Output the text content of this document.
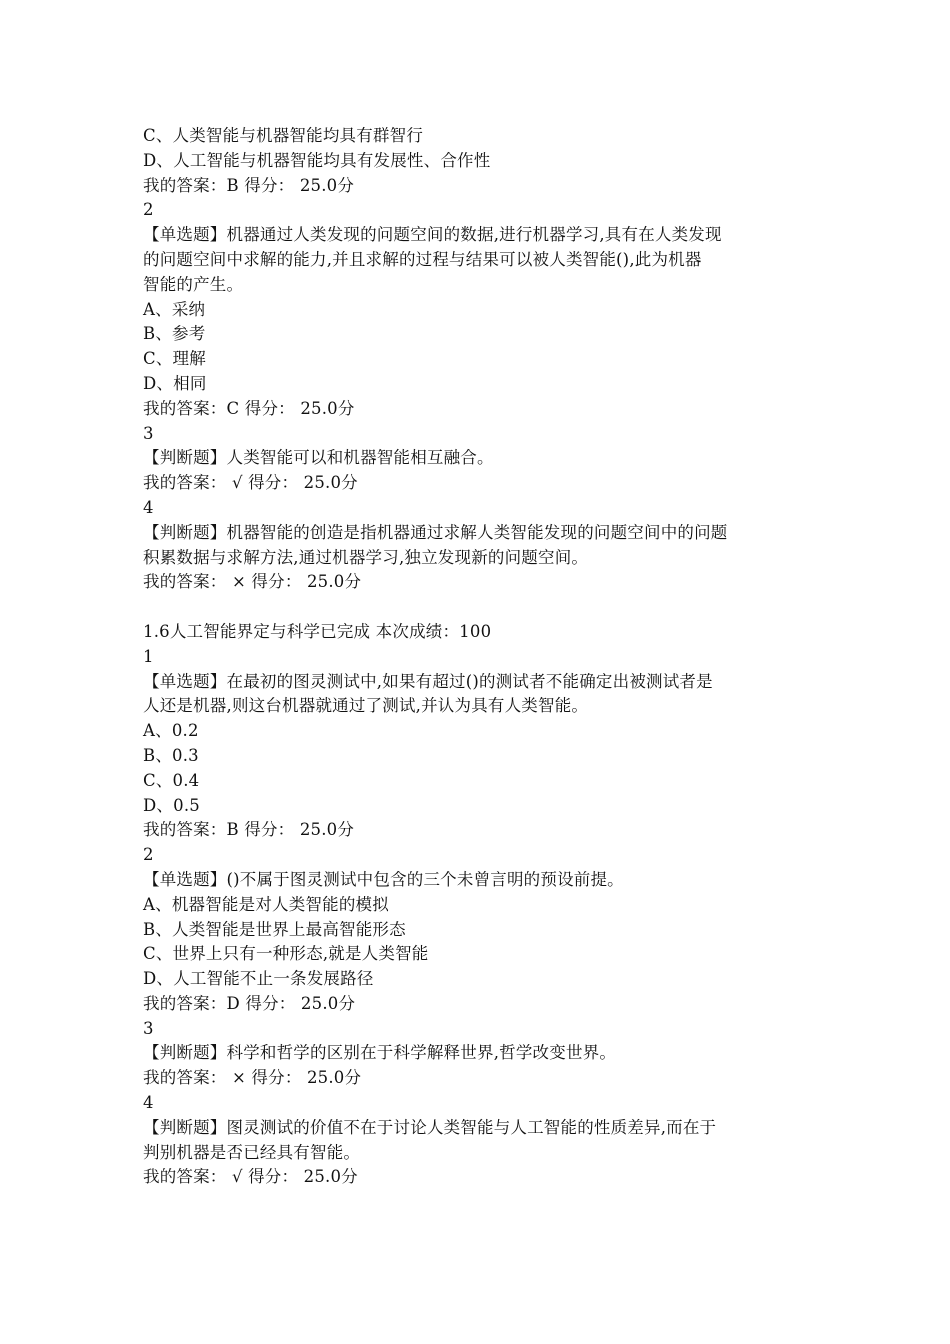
C、人类智能与机器智能均具有群智行
D、人工智能与机器智能均具有发展性、合作性
我的答案：B 得分： 25.0分
2
【单选题】机器通过人类发现的问题空间的数据,进行机器学习,具有在人类发现
的问题空间中求解的能力,并且求解的过程与结果可以被人类智能(),此为机器
智能的产生。
A、采纳
B、参考
C、理解
D、相同
我的答案：C 得分： 25.0分
3
【判断题】人类智能可以和机器智能相互融合。
我的答案： √ 得分： 25.0分
4
【判断题】机器智能的创造是指机器通过求解人类智能发现的问题空间中的问题
积累数据与求解方法,通过机器学习,独立发现新的问题空间。
我的答案： × 得分： 25.0分
1.6人工智能界定与科学已完成 本次成绩：100
1
【单选题】在最初的图灵测试中,如果有超过()的测试者不能确定出被测试者是
人还是机器,则这台机器就通过了测试,并认为具有人类智能。
A、0.2
B、0.3
C、0.4
D、0.5
我的答案：B 得分： 25.0分
2
【单选题】()不属于图灵测试中包含的三个未曾言明的预设前提。
A、机器智能是对人类智能的模拟
B、人类智能是世界上最高智能形态
C、世界上只有一种形态,就是人类智能
D、人工智能不止一条发展路径
我的答案：D 得分： 25.0分
3
【判断题】科学和哲学的区别在于科学解释世界,哲学改变世界。
我的答案： × 得分： 25.0分
4
【判断题】图灵测试的价值不在于讨论人类智能与人工智能的性质差异,而在于
判别机器是否已经具有智能。
我的答案： √ 得分： 25.0分
